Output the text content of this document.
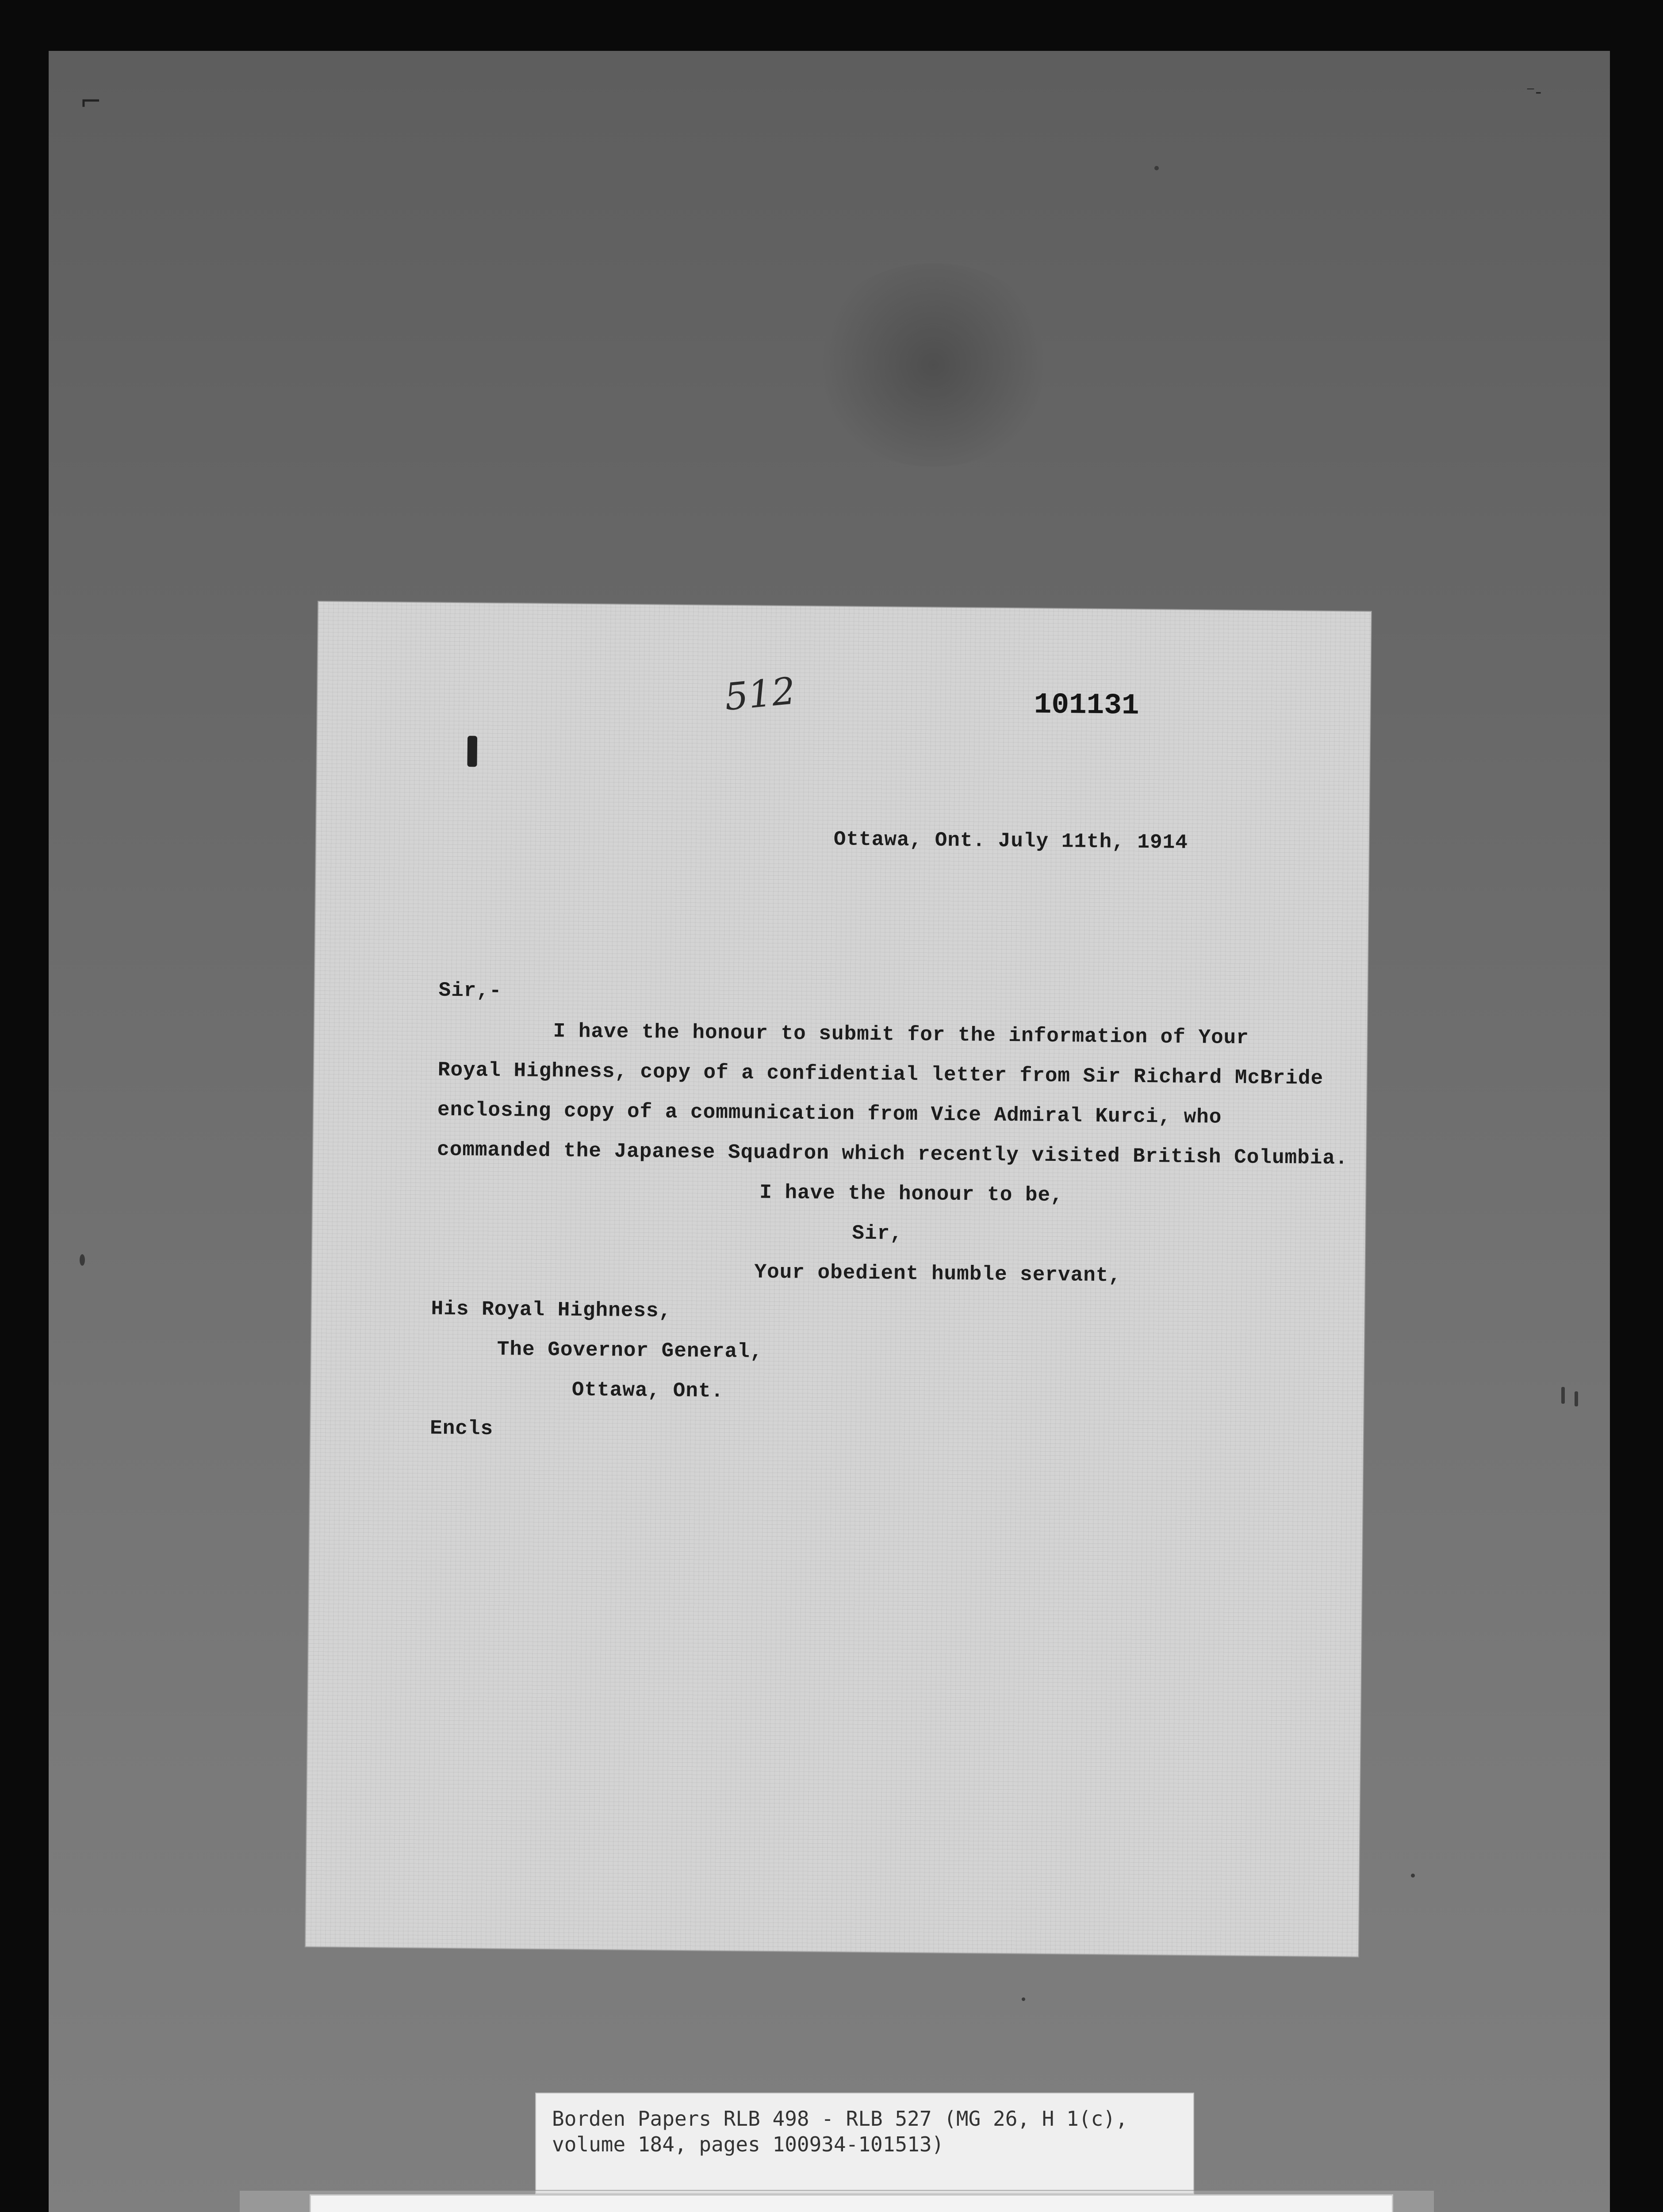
⌐	⁻-
512	101131
Ottawa, Ont. July 11th, 1914
Sir,-
I have the honour to submit for the information of Your
Royal Highness, copy of a confidential letter from Sir Richard McBride
enclosing copy of a communication from Vice Admiral Kurci, who
commanded the Japanese Squadron which recently visited British Columbia.
I have the honour to be,
Sir,
Your obedient humble servant,
His Royal Highness,
The Governor General,
Ottawa, Ont.
Encls
Borden Papers RLB 498 - RLB 527 (MG 26, H 1(c),
volume 184, pages 100934-101513)
